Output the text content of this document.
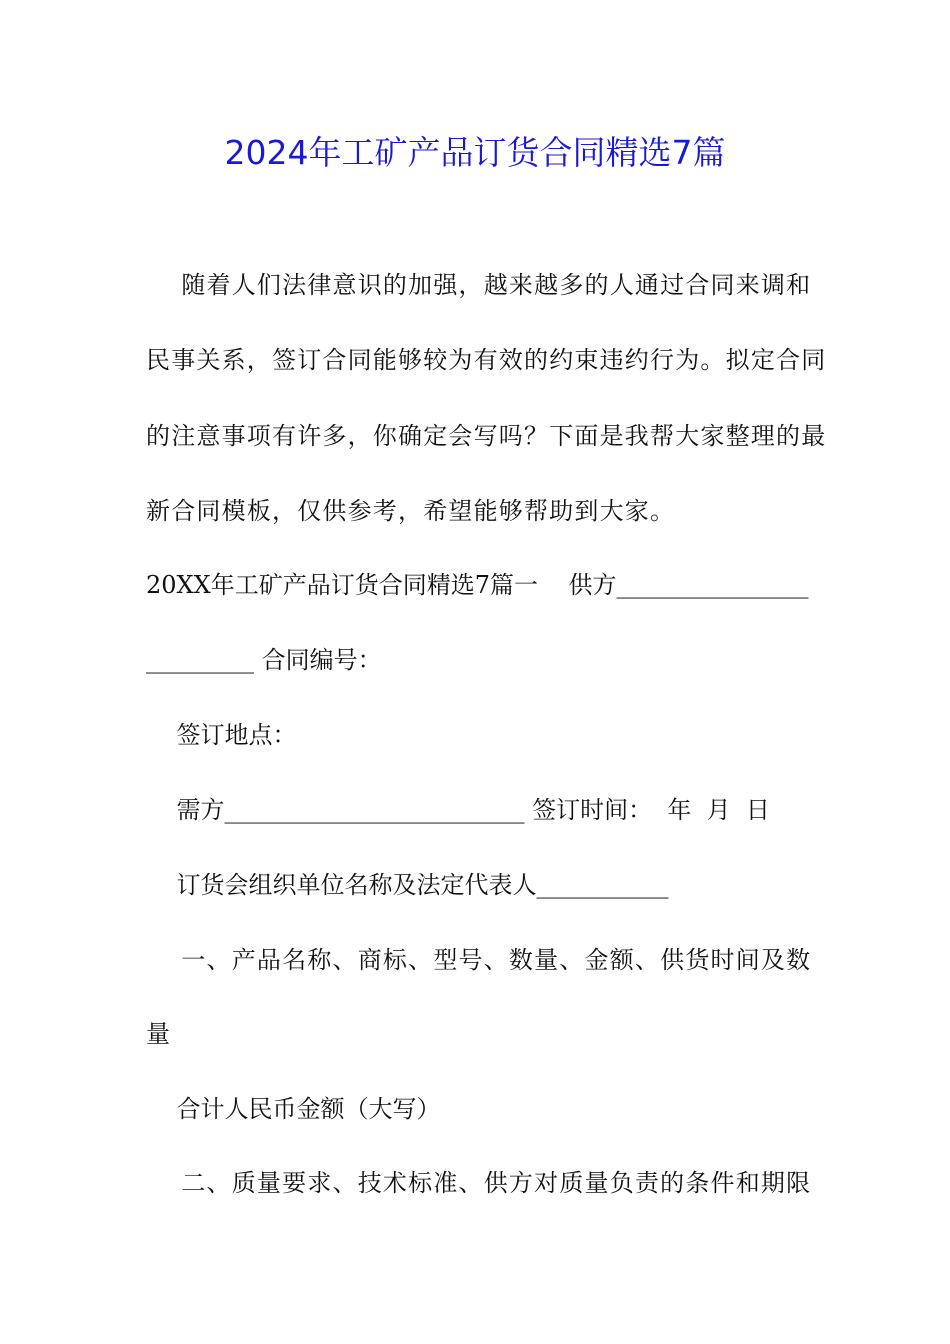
2024年工矿产品订货合同精选7篇
随着人们法律意识的加强，越来越多的人通过合同来调和
民事关系，签订合同能够较为有效的约束违约行为。拟定合同
的注意事项有许多，你确定会写吗？下面是我帮大家整理的最
新合同模板，仅供参考，希望能够帮助到大家。
20XX年工矿产品订货合同精选7篇一    供方________________
_________ 合同编号：
签订地点：
需方_________________________ 签订时间：  年  月  日
订货会组织单位名称及法定代表人___________
一、产品名称、商标、型号、数量、金额、供货时间及数
量
合计人民币金额（大写）
二、质量要求、技术标准、供方对质量负责的条件和期限
